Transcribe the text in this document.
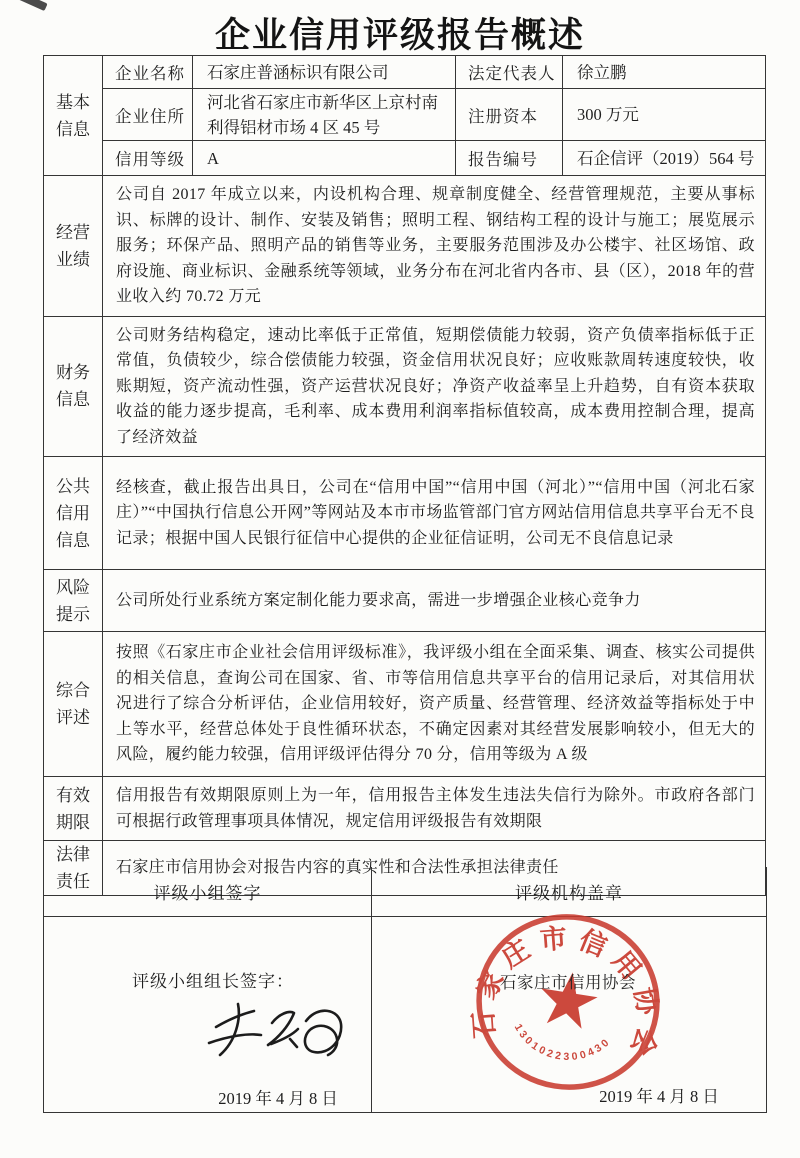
企业信用评级报告概述
基本信息	企业名称	石家庄普涵标识有限公司	法定代表人	徐立鹏
	企业住所	河北省石家庄市新华区上京村南利得铝材市场 4 区 45 号	注册资本	300 万元
	信用等级	A	报告编号	石企信评（2019）564 号
经营业绩	公司自 2017 年成立以来，内设机构合理、规章制度健全、经营管理规范，主要从事标识、标牌的设计、制作、安装及销售；照明工程、钢结构工程的设计与施工；展览展示服务；环保产品、照明产品的销售等业务，主要服务范围涉及办公楼宇、社区场馆、政府设施、商业标识、金融系统等领域，业务分布在河北省内各市、县（区），2018 年的营业收入约 70.72 万元			
财务信息	公司财务结构稳定，速动比率低于正常值，短期偿债能力较弱，资产负债率指标低于正常值，负债较少，综合偿债能力较强，资金信用状况良好；应收账款周转速度较快，收账期短，资产流动性强，资产运营状况良好；净资产收益率呈上升趋势，自有资本获取收益的能力逐步提高，毛利率、成本费用利润率指标值较高，成本费用控制合理，提高了经济效益			
公共信用信息	经核查，截止报告出具日，公司在“信用中国”“信用中国（河北）”“信用中国（河北石家庄）”“中国执行信息公开网”等网站及本市市场监管部门官方网站信用信息共享平台无不良记录；根据中国人民银行征信中心提供的企业征信证明，公司无不良信息记录			
风险提示	公司所处行业系统方案定制化能力要求高，需进一步增强企业核心竞争力			
综合评述	按照《石家庄市企业社会信用评级标准》，我评级小组在全面采集、调查、核实公司提供的相关信息，查询公司在国家、省、市等信用信息共享平台的信用记录后，对其信用状况进行了综合分析评估，企业信用较好，资产质量、经营管理、经济效益等指标处于中上等水平，经营总体处于良性循环状态，不确定因素对其经营发展影响较小，但无大的风险，履约能力较强，信用评级评估得分 70 分，信用等级为 A 级			
有效期限	信用报告有效期限原则上为一年，信用报告主体发生违法失信行为除外。市政府各部门可根据行政管理事项具体情况，规定信用评级报告有效期限			
法律责任	石家庄市信用协会对报告内容的真实性和合法性承担法律责任			
评级小组签字	评级机构盖章
评级小组组长签字：
2019 年 4 月 8 日
石家庄市信用协会
1301022300430
石家庄市信用协会
2019 年 4 月 8 日
